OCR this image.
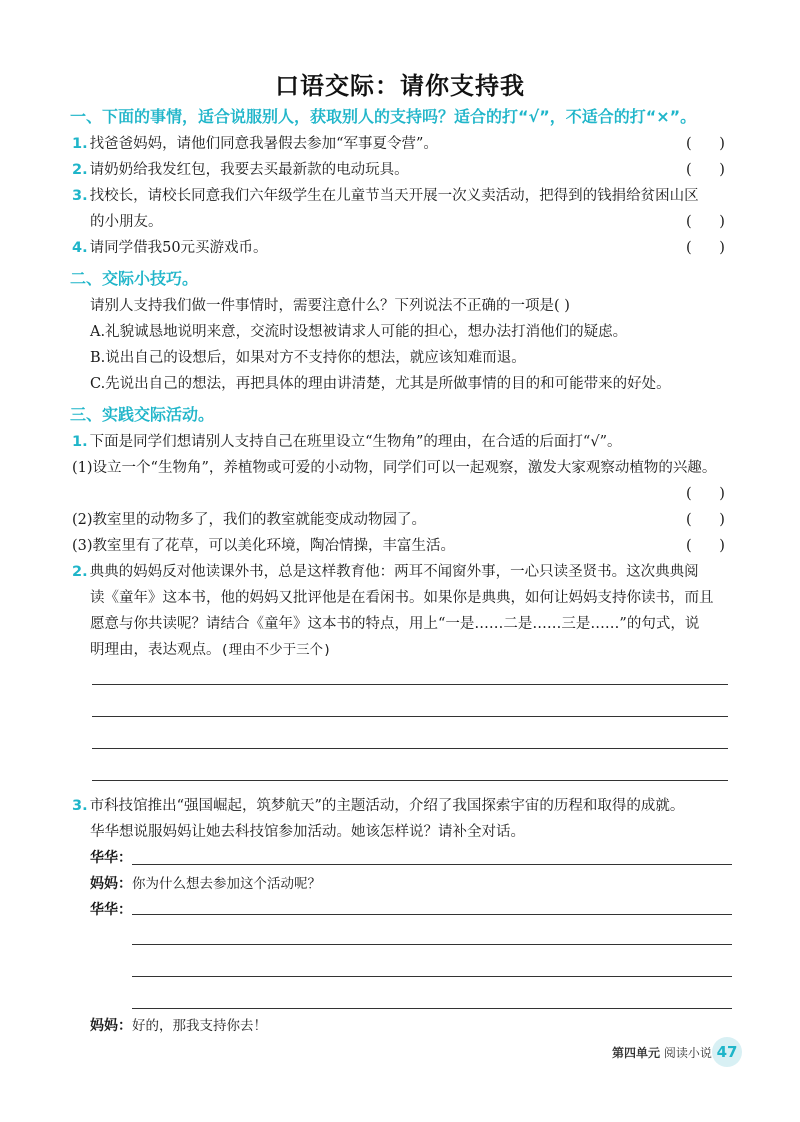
口语交际：请你支持我
一、下面的事情，适合说服别人，获取别人的支持吗？适合的打“√”，不适合的打“×”。
1. 找爸爸妈妈，请他们同意我暑假去参加“军事夏令营”。	(      )
2. 请奶奶给我发红包，我要去买最新款的电动玩具。	(      )
3. 找校长，请校长同意我们六年级学生在儿童节当天开展一次义卖活动，把得到的钱捐给贫困山区
的小朋友。	(      )
4. 请同学借我50元买游戏币。	(      )
二、交际小技巧。
请别人支持我们做一件事情时，需要注意什么？下列说法不正确的一项是( )
A.礼貌诚恳地说明来意，交流时设想被请求人可能的担心，想办法打消他们的疑虑。
B.说出自己的设想后，如果对方不支持你的想法，就应该知难而退。
C.先说出自己的想法，再把具体的理由讲清楚，尤其是所做事情的目的和可能带来的好处。
三、实践交际活动。
1. 下面是同学们想请别人支持自己在班里设立“生物角”的理由，在合适的后面打“√”。
(1)设立一个“生物角”，养植物或可爱的小动物，同学们可以一起观察，激发大家观察动植物的兴趣。
(      )
(2)教室里的动物多了，我们的教室就能变成动物园了。	(      )
(3)教室里有了花草，可以美化环境，陶冶情操，丰富生活。	(      )
2. 典典的妈妈反对他读课外书，总是这样教育他：两耳不闻窗外事，一心只读圣贤书。这次典典阅
读《童年》这本书，他的妈妈又批评他是在看闲书。如果你是典典，如何让妈妈支持你读书，而且
愿意与你共读呢？请结合《童年》这本书的特点，用上“一是……二是……三是……”的句式，说
明理由，表达观点。(理由不少于三个)
3. 市科技馆推出“强国崛起，筑梦航天”的主题活动，介绍了我国探索宇宙的历程和取得的成就。
华华想说服妈妈让她去科技馆参加活动。她该怎样说？请补全对话。
华华：
妈妈：你为什么想去参加这个活动呢？
华华：
妈妈：好的，那我支持你去！
第四单元 阅读小说 47
